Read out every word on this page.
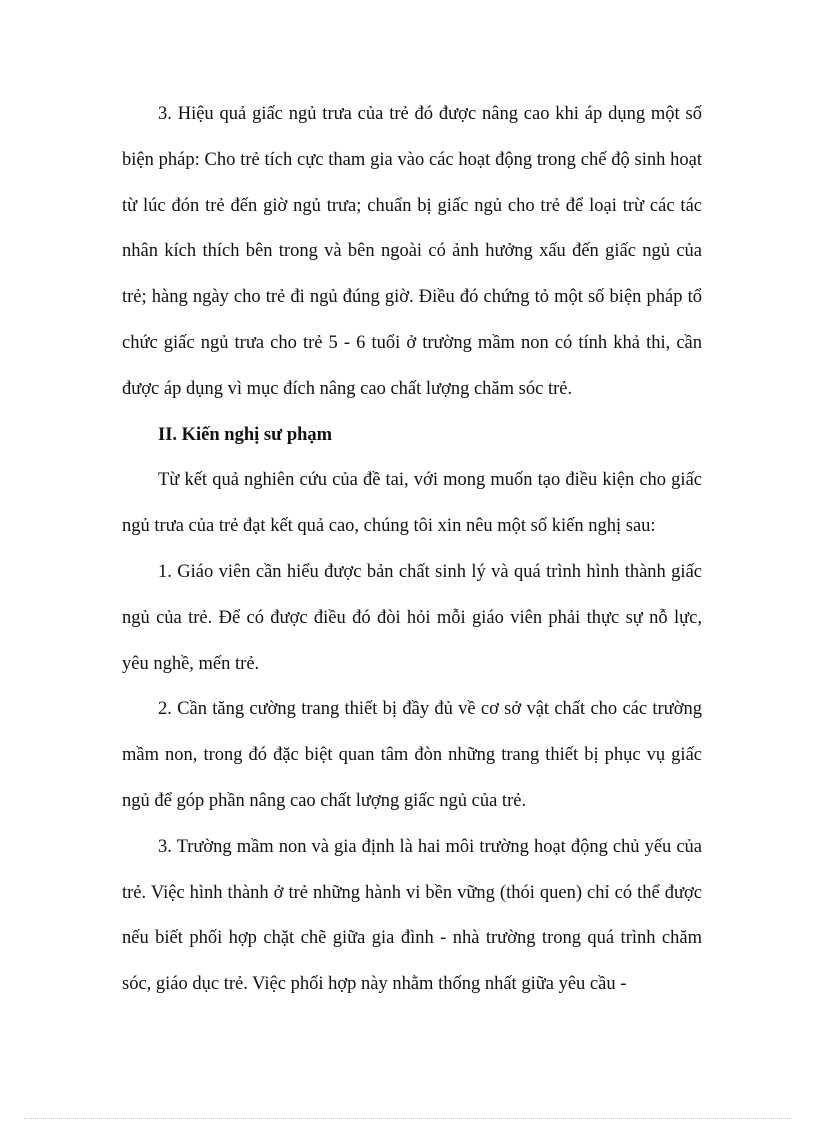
3. Hiệu quả giấc ngủ trưa của trẻ đó được nâng cao khi áp dụng một số biện pháp: Cho trẻ tích cực tham gia vào các hoạt động trong chế độ sinh hoạt từ lúc đón trẻ đến giờ ngủ trưa; chuẩn bị giấc ngủ cho trẻ để loại trừ các tác nhân kích thích bên trong và bên ngoài có ảnh hưởng xấu đến giấc ngủ của trẻ; hàng ngày cho trẻ đi ngủ đúng giờ. Điều đó chứng tỏ một số biện pháp tổ chức giấc ngủ trưa cho trẻ 5 - 6 tuổi ở trường mầm non có tính khả thi, cần được áp dụng vì mục đích nâng cao chất lượng chăm sóc trẻ.

II. Kiến nghị sư phạm

Từ kết quả nghiên cứu của đề tai, với mong muốn tạo điều kiện cho giấc ngủ trưa của trẻ đạt kết quả cao, chúng tôi xin nêu một số kiến nghị sau:

1. Giáo viên cần hiểu được bản chất sinh lý và quá trình hình thành giấc ngủ của trẻ. Để có được điều đó đòi hỏi mỗi giáo viên phải thực sự nỗ lực, yêu nghề, mến trẻ.

2. Cần tăng cường trang thiết bị đầy đủ về cơ sở vật chất cho các trường mầm non, trong đó đặc biệt quan tâm đòn những trang thiết bị phục vụ giấc ngủ để góp phần nâng cao chất lượng giấc ngủ của trẻ.

3. Trường mầm non và gia định là hai môi trường hoạt động chủ yếu của trẻ. Việc hình thành ở trẻ những hành vi bền vững (thói quen) chỉ có thể được nếu biết phối hợp chặt chẽ giữa gia đình - nhà trường trong quá trình chăm sóc, giáo dục trẻ. Việc phối hợp này nhằm thống nhất giữa yêu cầu -
